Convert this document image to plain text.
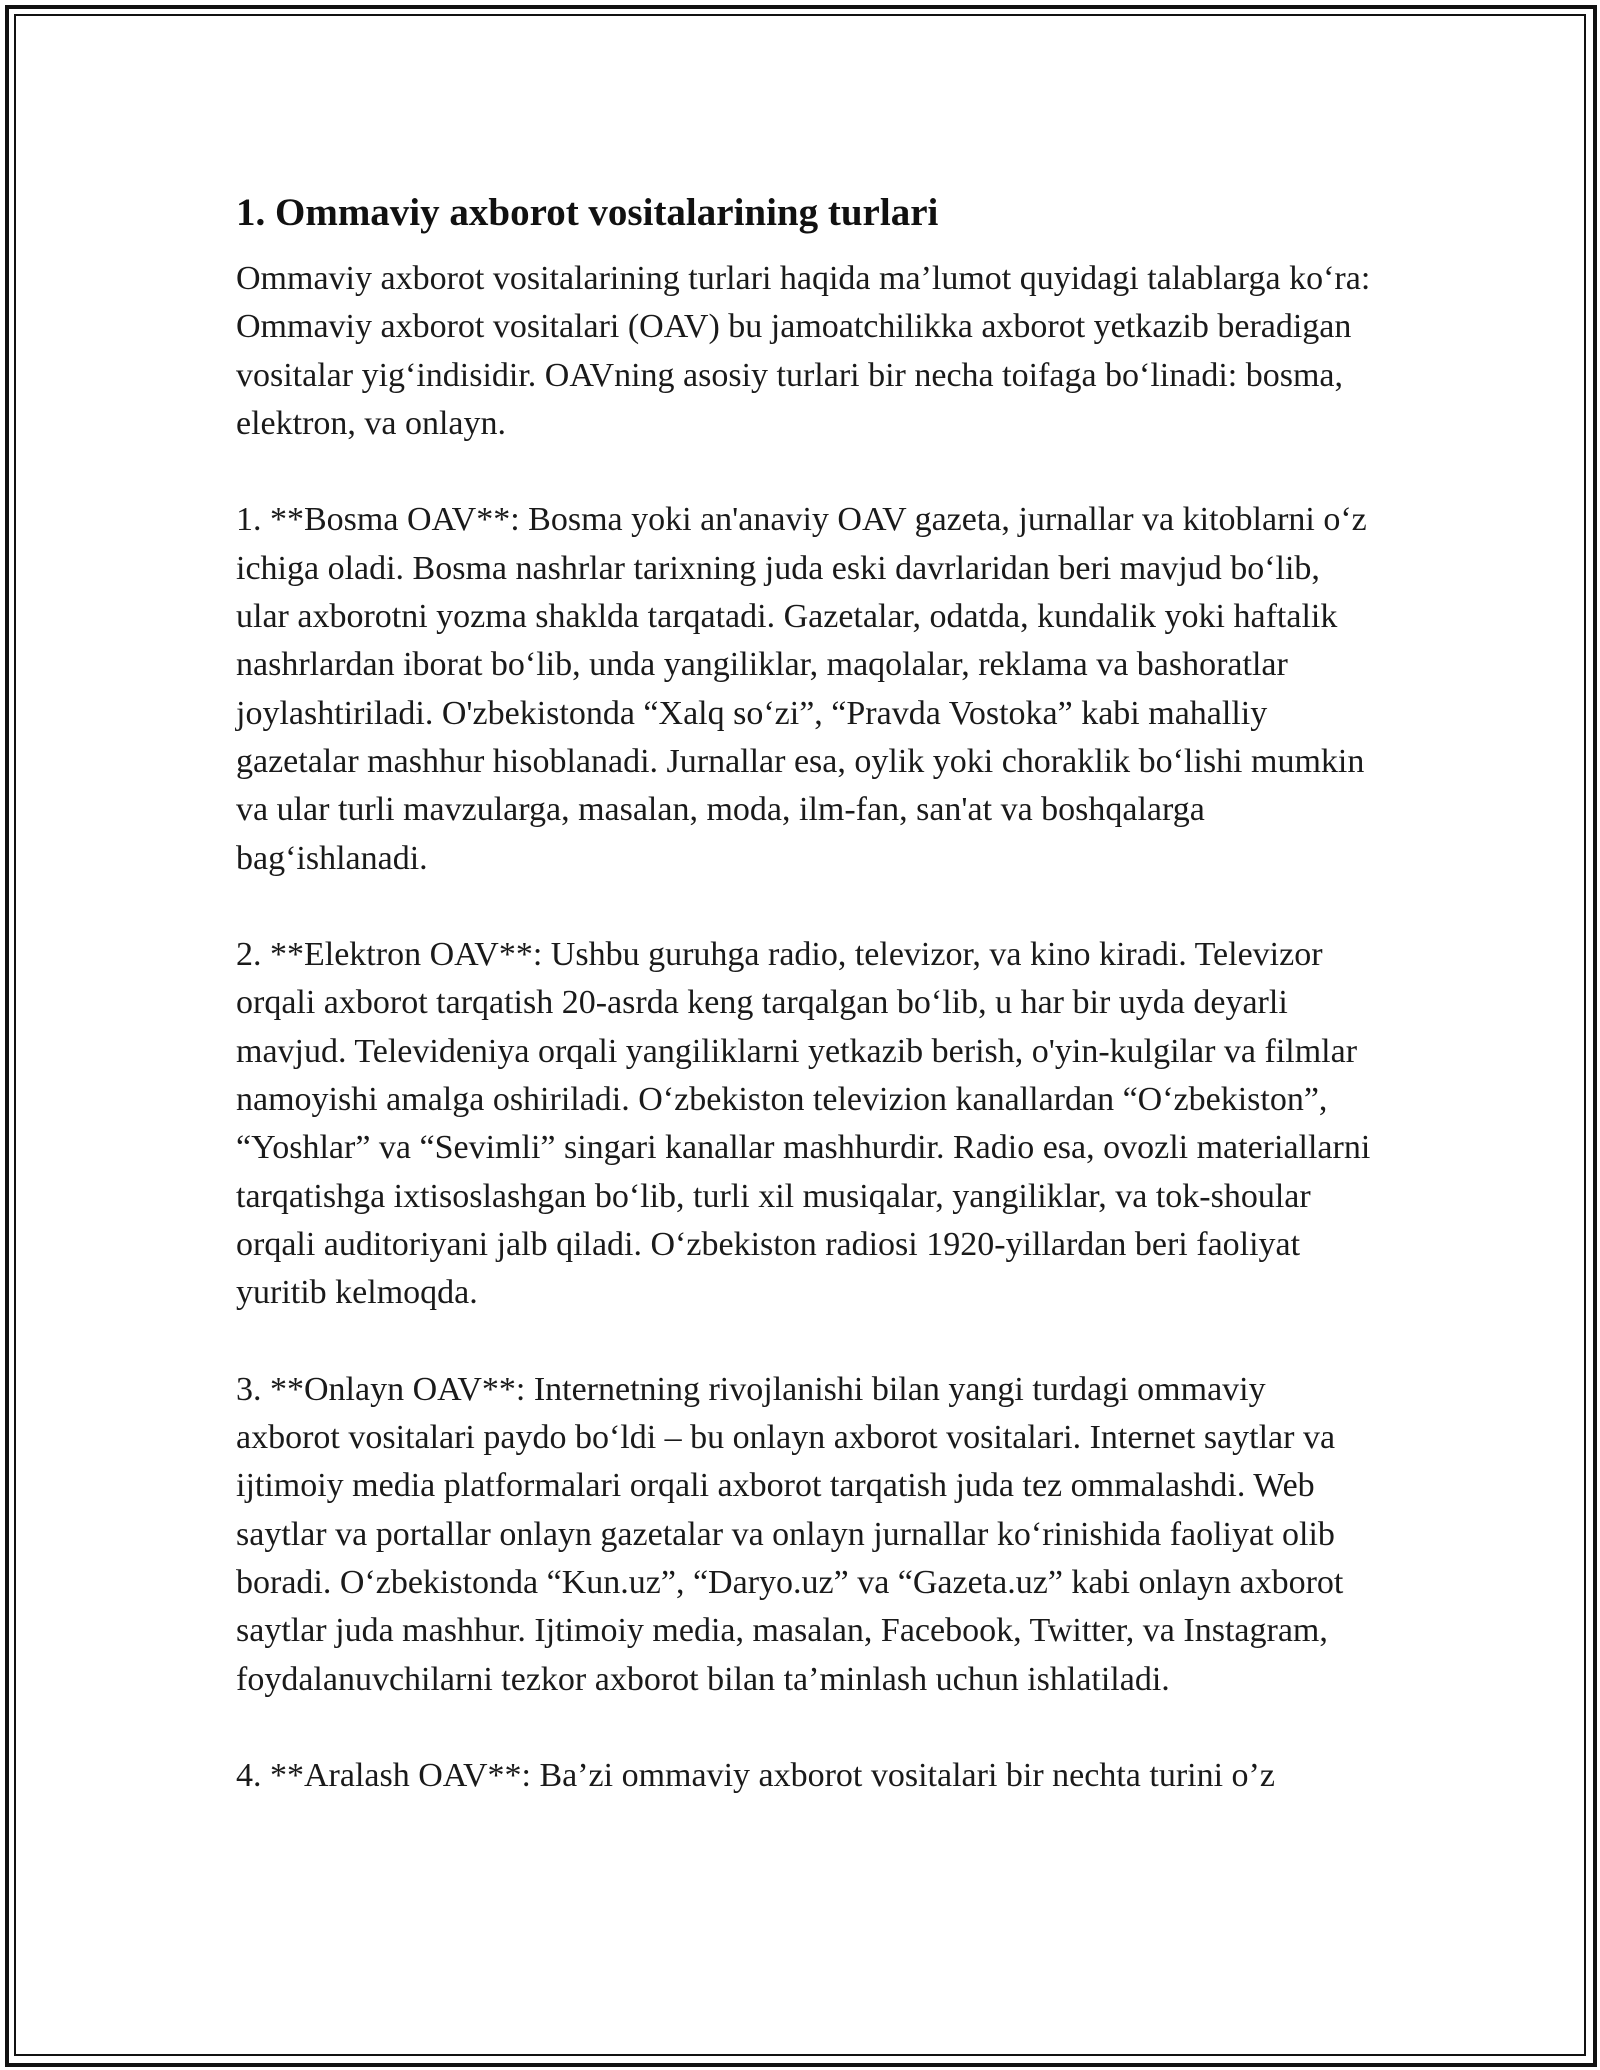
1. Ommaviy axborot vositalarining turlari

Ommaviy axborot vositalarining turlari haqida ma’lumot quyidagi talablarga ko‘ra: Ommaviy axborot vositalari (OAV) bu jamoatchilikka axborot yetkazib beradigan vositalar yig‘indisidir. OAVning asosiy turlari bir necha toifaga bo‘linadi: bosma, elektron, va onlayn.

1. **Bosma OAV**: Bosma yoki an'anaviy OAV gazeta, jurnallar va kitoblarni o‘z ichiga oladi. Bosma nashrlar tarixning juda eski davrlaridan beri mavjud bo‘lib, ular axborotni yozma shaklda tarqatadi. Gazetalar, odatda, kundalik yoki haftalik nashrlardan iborat bo‘lib, unda yangiliklar, maqolalar, reklama va bashoratlar joylashtiriladi. O'zbekistonda “Xalq so‘zi”, “Pravda Vostoka” kabi mahalliy gazetalar mashhur hisoblanadi. Jurnallar esa, oylik yoki choraklik bo‘lishi mumkin va ular turli mavzularga, masalan, moda, ilm-fan, san'at va boshqalarga bag‘ishlanadi.

2. **Elektron OAV**: Ushbu guruhga radio, televizor, va kino kiradi. Televizor orqali axborot tarqatish 20-asrda keng tarqalgan bo‘lib, u har bir uyda deyarli mavjud. Televideniya orqali yangiliklarni yetkazib berish, o'yin-kulgilar va filmlar namoyishi amalga oshiriladi. O‘zbekiston televizion kanallardan “O‘zbekiston”, “Yoshlar” va “Sevimli” singari kanallar mashhurdir. Radio esa, ovozli materiallarni tarqatishga ixtisoslashgan bo‘lib, turli xil musiqalar, yangiliklar, va tok-shoular orqali auditoriyani jalb qiladi. O‘zbekiston radiosi 1920-yillardan beri faoliyat yuritib kelmoqda.

3. **Onlayn OAV**: Internetning rivojlanishi bilan yangi turdagi ommaviy axborot vositalari paydo bo‘ldi – bu onlayn axborot vositalari. Internet saytlar va ijtimoiy media platformalari orqali axborot tarqatish juda tez ommalashdi. Web saytlar va portallar onlayn gazetalar va onlayn jurnallar ko‘rinishida faoliyat olib boradi. O‘zbekistonda “Kun.uz”, “Daryo.uz” va “Gazeta.uz” kabi onlayn axborot saytlar juda mashhur. Ijtimoiy media, masalan, Facebook, Twitter, va Instagram, foydalanuvchilarni tezkor axborot bilan ta’minlash uchun ishlatiladi.

4. **Aralash OAV**: Ba’zi ommaviy axborot vositalari bir nechta turini o’z
